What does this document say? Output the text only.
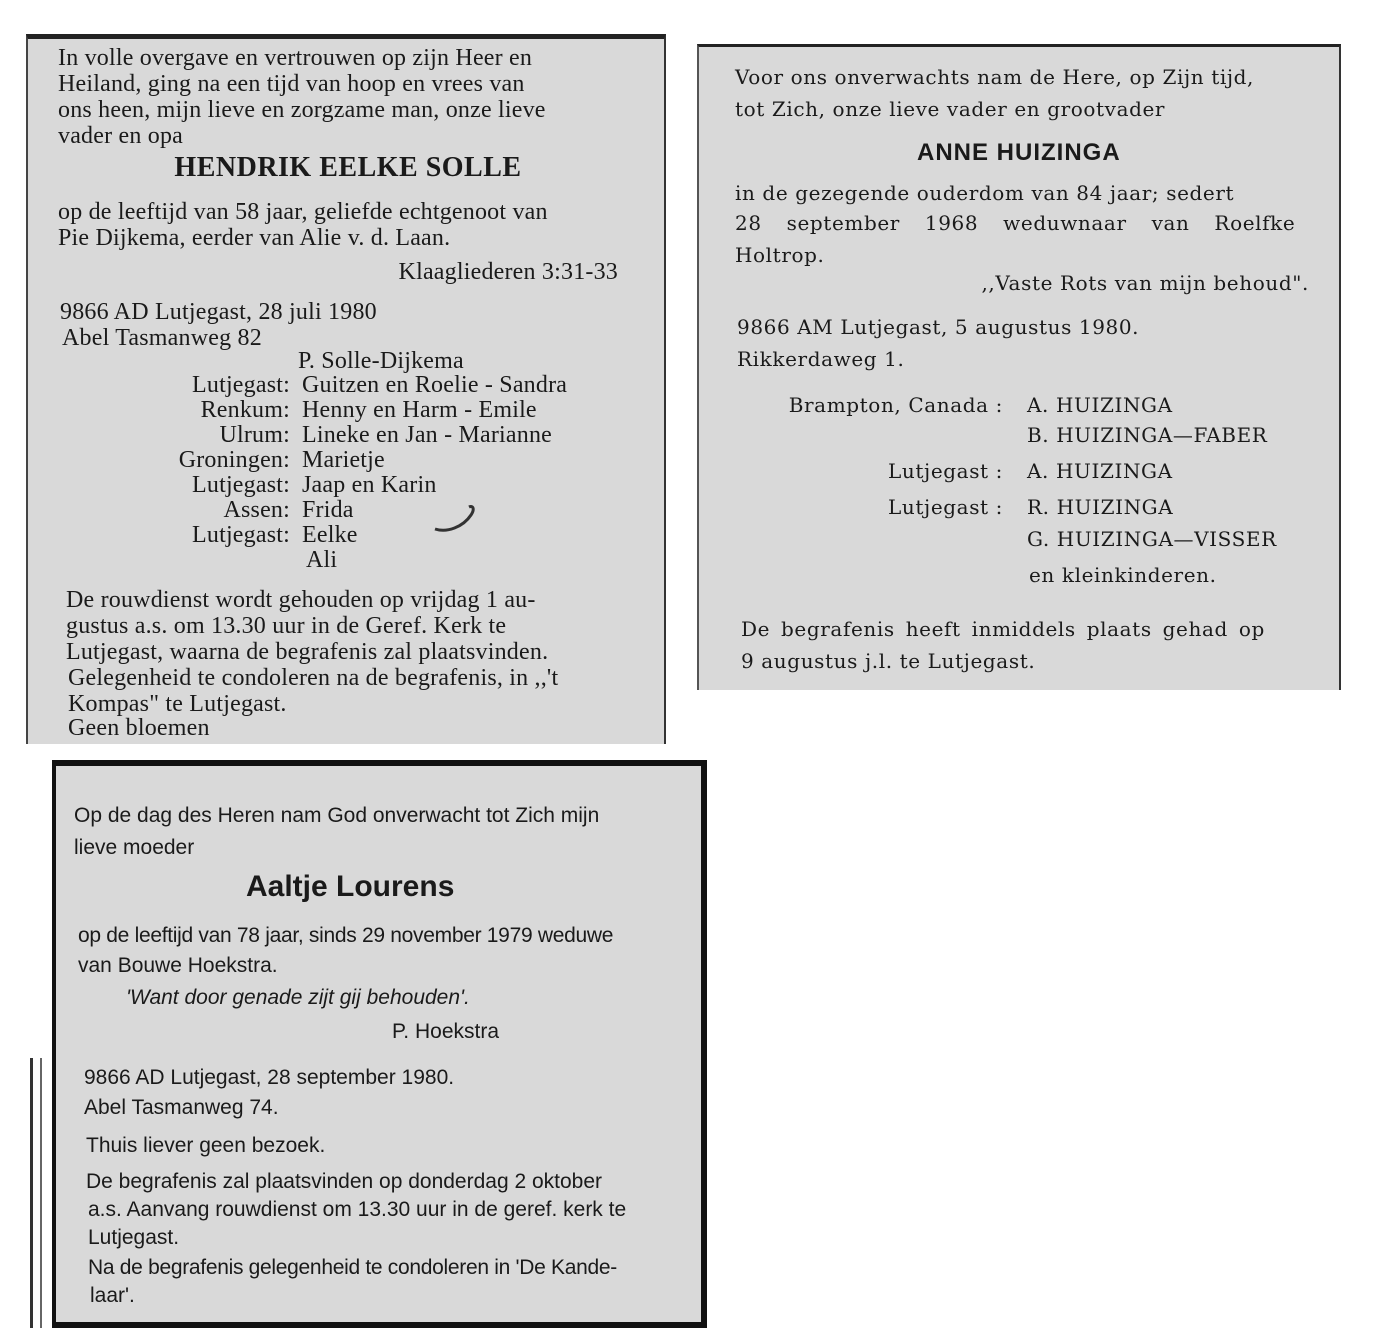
In volle overgave en vertrouwen op zijn Heer en
Heiland, ging na een tijd van hoop en vrees van
ons heen, mijn lieve en zorgzame man, onze lieve
vader en opa
HENDRIK EELKE SOLLE
op de leeftijd van 58 jaar, geliefde echtgenoot van
Pie Dijkema, eerder van Alie v. d. Laan.
Klaagliederen 3:31-33
9866 AD Lutjegast, 28 juli 1980
Abel Tasmanweg 82
P. Solle-Dijkema
Lutjegast: Guitzen en Roelie - Sandra
Renkum: Henny en Harm - Emile
Ulrum: Lineke en Jan - Marianne
Groningen: Marietje
Lutjegast: Jaap en Karin
Assen: Frida
Lutjegast: Eelke
Ali
De rouwdienst wordt gehouden op vrijdag 1 au-
gustus a.s. om 13.30 uur in de Geref. Kerk te
Lutjegast, waarna de begrafenis zal plaatsvinden.
Gelegenheid te condoleren na de begrafenis, in ,,'t
Kompas" te Lutjegast.
Geen bloemen
Voor ons onverwachts nam de Here, op Zijn tijd,
tot Zich, onze lieve vader en grootvader
ANNE HUIZINGA
in de gezegende ouderdom van 84 jaar; sedert
28 september 1968 weduwnaar van Roelfke
Holtrop.
,,Vaste Rots van mijn behoud".
9866 AM Lutjegast, 5 augustus 1980.
Rikkerdaweg 1.
Brampton, Canada : A. HUIZINGA
B. HUIZINGA—FABER
Lutjegast : A. HUIZINGA
Lutjegast : R. HUIZINGA
G. HUIZINGA—VISSER
en kleinkinderen.
De begrafenis heeft inmiddels plaats gehad op
9 augustus j.l. te Lutjegast.
Op de dag des Heren nam God onverwacht tot Zich mijn
lieve moeder
Aaltje Lourens
op de leeftijd van 78 jaar, sinds 29 november 1979 weduwe
van Bouwe Hoekstra.
'Want door genade zijt gij behouden'.
P. Hoekstra
9866 AD Lutjegast, 28 september 1980.
Abel Tasmanweg 74.
Thuis liever geen bezoek.
De begrafenis zal plaatsvinden op donderdag 2 oktober
a.s. Aanvang rouwdienst om 13.30 uur in de geref. kerk te
Lutjegast.
Na de begrafenis gelegenheid te condoleren in 'De Kande-
laar'.
